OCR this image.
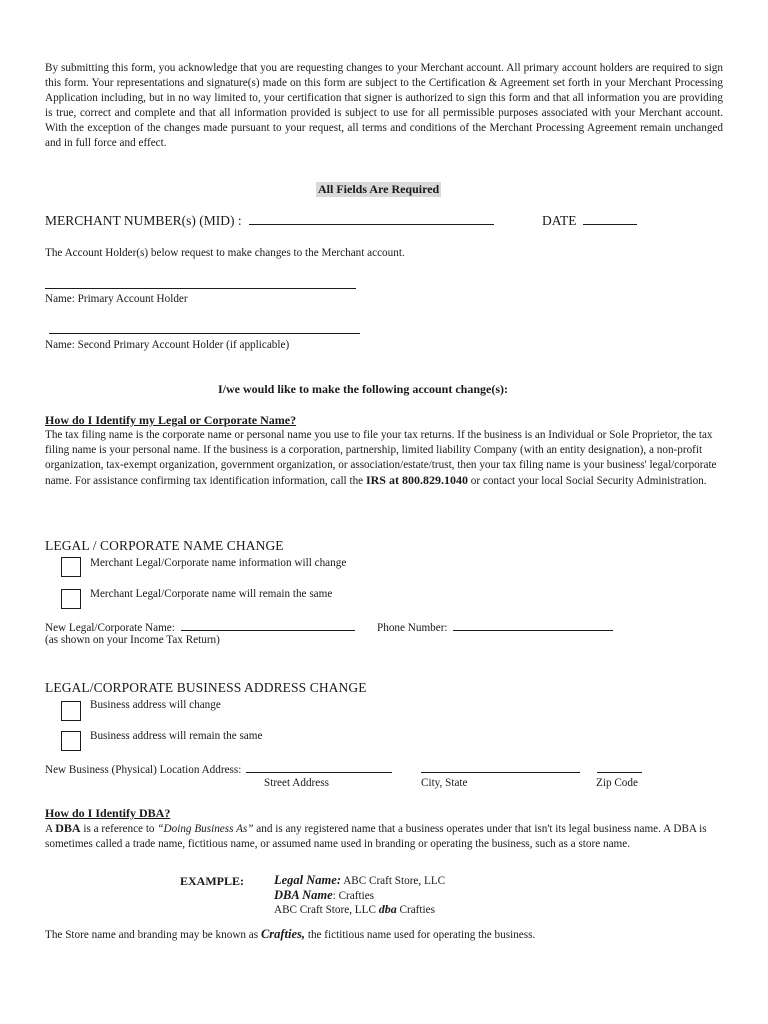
By submitting this form, you acknowledge that you are requesting changes to your Merchant account. All primary account holders are required to sign this form. Your representations and signature(s) made on this form are subject to the Certification & Agreement set forth in your Merchant Processing Application including, but in no way limited to, your certification that signer is authorized to sign this form and that all information you are providing is true, correct and complete and that all information provided is subject to use for all permissible purposes associated with your Merchant account. With the exception of the changes made pursuant to your request, all terms and conditions of the Merchant Processing Agreement remain unchanged and in full force and effect.
All Fields Are Required
MERCHANT NUMBER(s) (MID) :	DATE
The Account Holder(s) below request to make changes to the Merchant account.
Name: Primary Account Holder
Name: Second Primary Account Holder (if applicable)
I/we would like to make the following account change(s):
How do I Identify my Legal or Corporate Name?
The tax filing name is the corporate name or personal name you use to file your tax returns. If the business is an Individual or Sole Proprietor, the tax filing name is your personal name. If the business is a corporation, partnership, limited liability Company (with an entity designation), a non-profit organization, tax-exempt organization, government organization, or association/estate/trust, then your tax filing name is your business' legal/corporate name. For assistance confirming tax identification information, call the IRS at 800.829.1040 or contact your local Social Security Administration.
LEGAL / CORPORATE NAME CHANGE
Merchant Legal/Corporate name information will change
Merchant Legal/Corporate name will remain the same
New Legal/Corporate Name:	Phone Number:
(as shown on your Income Tax Return)
LEGAL/CORPORATE BUSINESS ADDRESS CHANGE
Business address will change
Business address will remain the same
New Business (Physical) Location Address:
Street Address	City, State	Zip Code
How do I Identify DBA?
A DBA is a reference to “Doing Business As” and is any registered name that a business operates under that isn't its legal business name. A DBA is sometimes called a trade name, fictitious name, or assumed name used in branding or operating the business, such as a store name.
EXAMPLE: Legal Name: ABC Craft Store, LLC
DBA Name: Crafties
ABC Craft Store, LLC dba Crafties
The Store name and branding may be known as Crafties, the fictitious name used for operating the business.
